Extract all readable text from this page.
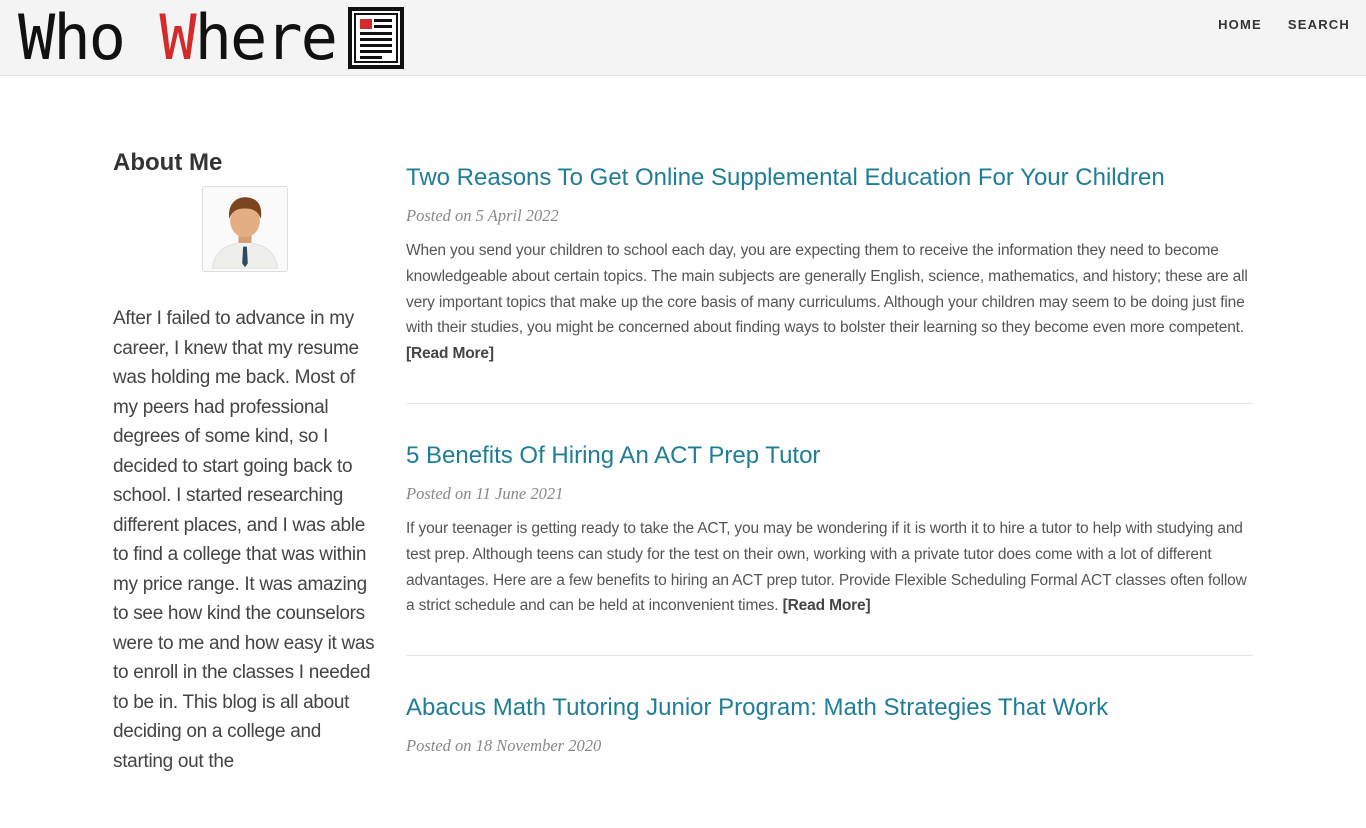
Who Where	HOME SEARCH
About Me

After I failed to advance in my career, I knew that my resume was holding me back. Most of my peers had professional degrees of some kind, so I decided to start going back to school. I started researching different places, and I was able to find a college that was within my price range. It was amazing to see how kind the counselors were to me and how easy it was to enroll in the classes I needed to be in. This blog is all about deciding on a college and starting out the

Two Reasons To Get Online Supplemental Education For Your Children
Posted on 5 April 2022

When you send your children to school each day, you are expecting them to receive the information they need to become knowledgeable about certain topics. The main subjects are generally English, science, mathematics, and history; these are all very important topics that make up the core basis of many curriculums. Although your children may seem to be doing just fine with their studies, you might be concerned about finding ways to bolster their learning so they become even more competent. [Read More]

5 Benefits Of Hiring An ACT Prep Tutor
Posted on 11 June 2021

If your teenager is getting ready to take the ACT, you may be wondering if it is worth it to hire a tutor to help with studying and test prep. Although teens can study for the test on their own, working with a private tutor does come with a lot of different advantages. Here are a few benefits to hiring an ACT prep tutor. Provide Flexible Scheduling Formal ACT classes often follow a strict schedule and can be held at inconvenient times. [Read More]

Abacus Math Tutoring Junior Program: Math Strategies That Work
Posted on 18 November 2020
